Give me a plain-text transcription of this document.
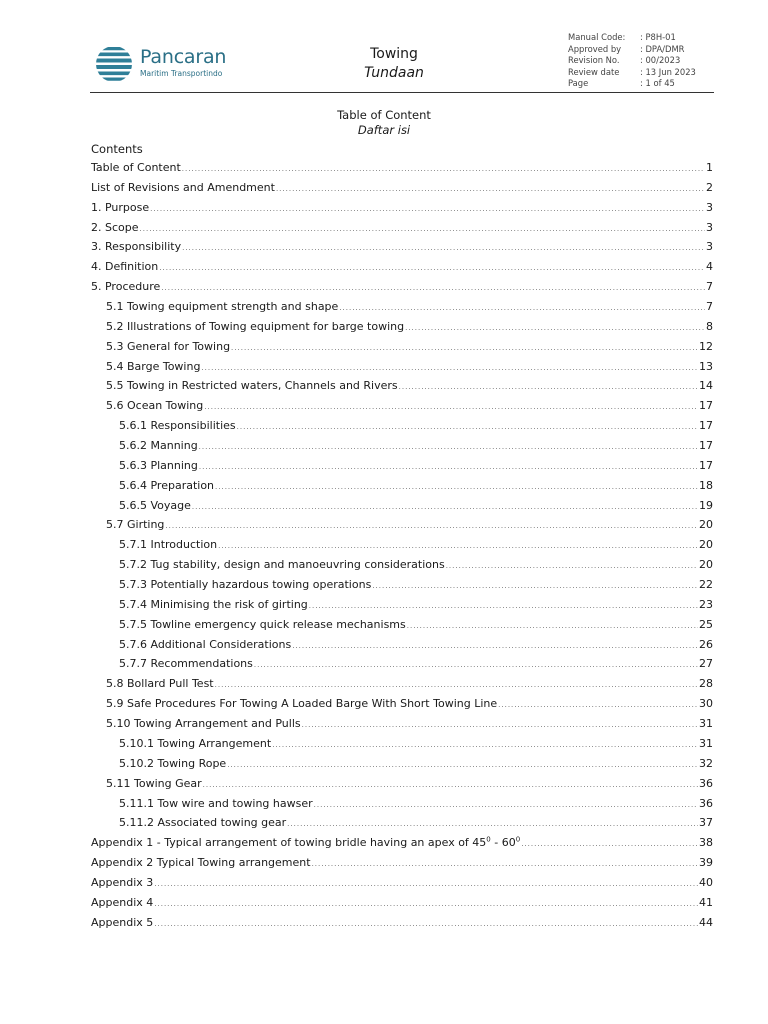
Pancaran
Maritim Transportindo
Towing
Tundaan
Manual Code: : P8H-01
Approved by : DPA/DMR
Revision No. : 00/2023
Review date : 13 Jun 2023
Page	: 1 of 45
Table of Content
Daftar isi
Contents
Table of Content .....	1
List of Revisions and Amendment .....	2
1. Purpose .....	3
2. Scope .....	3
3. Responsibility .....	3
4. Definition .....	4
5. Procedure .....	7
5.1 Towing equipment strength and shape .....	7
5.2 Illustrations of Towing equipment for barge towing .....	8
5.3 General for Towing .....	12
5.4 Barge Towing .....	13
5.5 Towing in Restricted waters, Channels and Rivers .....	14
5.6 Ocean Towing .....	17
5.6.1 Responsibilities .....	17
5.6.2 Manning .....	17
5.6.3 Planning .....	17
5.6.4 Preparation .....	18
5.6.5 Voyage .....	19
5.7 Girting .....	20
5.7.1 Introduction .....	20
5.7.2 Tug stability, design and manoeuvring considerations .....	20
5.7.3 Potentially hazardous towing operations .....	22
5.7.4 Minimising the risk of girting .....	23
5.7.5 Towline emergency quick release mechanisms .....	25
5.7.6 Additional Considerations .....	26
5.7.7 Recommendations .....	27
5.8 Bollard Pull Test .....	28
5.9 Safe Procedures For Towing A Loaded Barge With Short Towing Line .....	30
5.10 Towing Arrangement and Pulls .....	31
5.10.1 Towing Arrangement .....	31
5.10.2 Towing Rope .....	32
5.11 Towing Gear .....	36
5.11.1 Tow wire and towing hawser .....	36
5.11.2 Associated towing gear .....	37
Appendix 1 - Typical arrangement of towing bridle having an apex of $45^0 - 60^0$ .....	38
Appendix 2 Typical Towing arrangement .....	39
Appendix 3 .....	40
Appendix 4 .....	41
Appendix 5 .....	44
